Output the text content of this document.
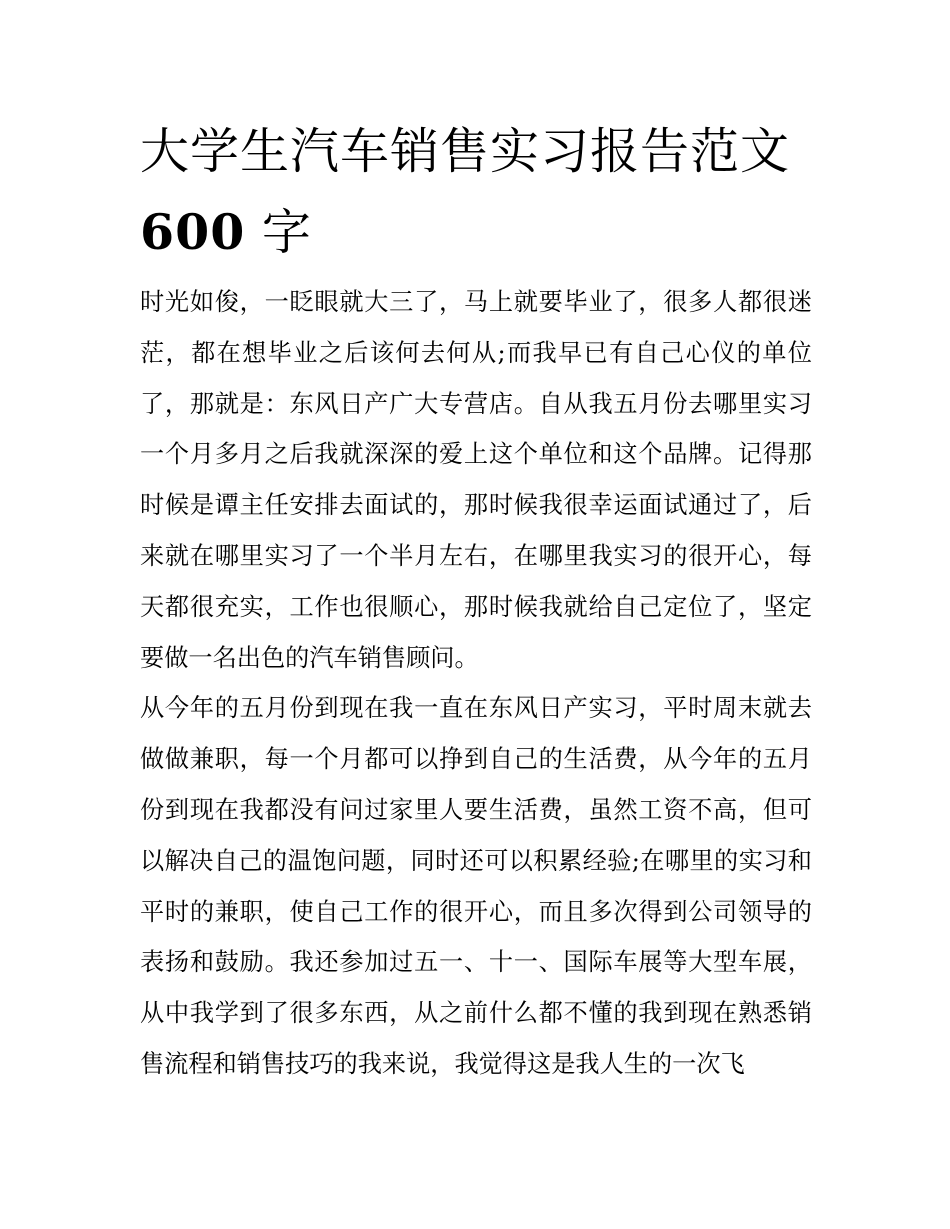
大学生汽车销售实习报告范文
600 字

时光如俊，一眨眼就大三了，马上就要毕业了，很多人都很迷茫，都在想毕业之后该何去何从;而我早已有自己心仪的单位了，那就是：东风日产广大专营店。自从我五月份去哪里实习一个月多月之后我就深深的爱上这个单位和这个品牌。记得那时候是谭主任安排去面试的，那时候我很幸运面试通过了，后来就在哪里实习了一个半月左右，在哪里我实习的很开心，每天都很充实，工作也很顺心，那时候我就给自己定位了，坚定要做一名出色的汽车销售顾问。

从今年的五月份到现在我一直在东风日产实习，平时周末就去做做兼职，每一个月都可以挣到自己的生活费，从今年的五月份到现在我都没有问过家里人要生活费，虽然工资不高，但可以解决自己的温饱问题，同时还可以积累经验;在哪里的实习和平时的兼职，使自己工作的很开心，而且多次得到公司领导的表扬和鼓励。我还参加过五一、十一、国际车展等大型车展，从中我学到了很多东西，从之前什么都不懂的我到现在熟悉销售流程和销售技巧的我来说，我觉得这是我人生的一次飞
